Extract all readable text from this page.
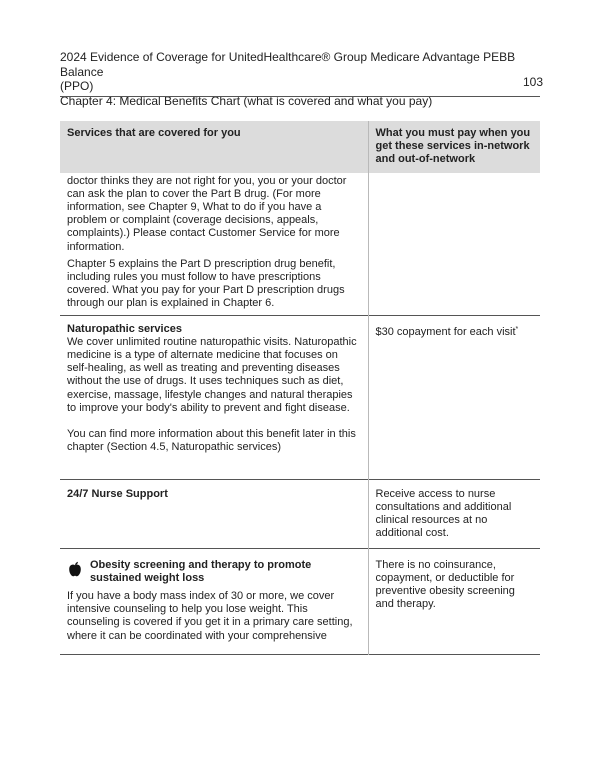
2024 Evidence of Coverage for UnitedHealthcare® Group Medicare Advantage PEBB Balance
(PPO)
Chapter 4: Medical Benefits Chart (what is covered and what you pay)
103
Services that are covered for you	What you must pay when you get these services in-network and out-of-network

doctor thinks they are not right for you, you or your doctor can ask the plan to cover the Part B drug. (For more information, see Chapter 9, What to do if you have a problem or complaint (coverage decisions, appeals, complaints).) Please contact Customer Service for more information.
Chapter 5 explains the Part D prescription drug benefit, including rules you must follow to have prescriptions covered. What you pay for your Part D prescription drugs through our plan is explained in Chapter 6.	

Naturopathic services
We cover unlimited routine naturopathic visits. Naturopathic medicine is a type of alternate medicine that focuses on self-healing, as well as treating and preventing diseases without the use of drugs. It uses techniques such as diet, exercise, massage, lifestyle changes and natural therapies to improve your body's ability to prevent and fight disease.
You can find more information about this benefit later in this chapter (Section 4.5, Naturopathic services)	$30 copayment for each visit*

24/7 Nurse Support	Receive access to nurse consultations and additional clinical resources at no additional cost.

Obesity screening and therapy to promote sustained weight loss
If you have a body mass index of 30 or more, we cover intensive counseling to help you lose weight. This counseling is covered if you get it in a primary care setting, where it can be coordinated with your comprehensive	There is no coinsurance, copayment, or deductible for preventive obesity screening and therapy.
